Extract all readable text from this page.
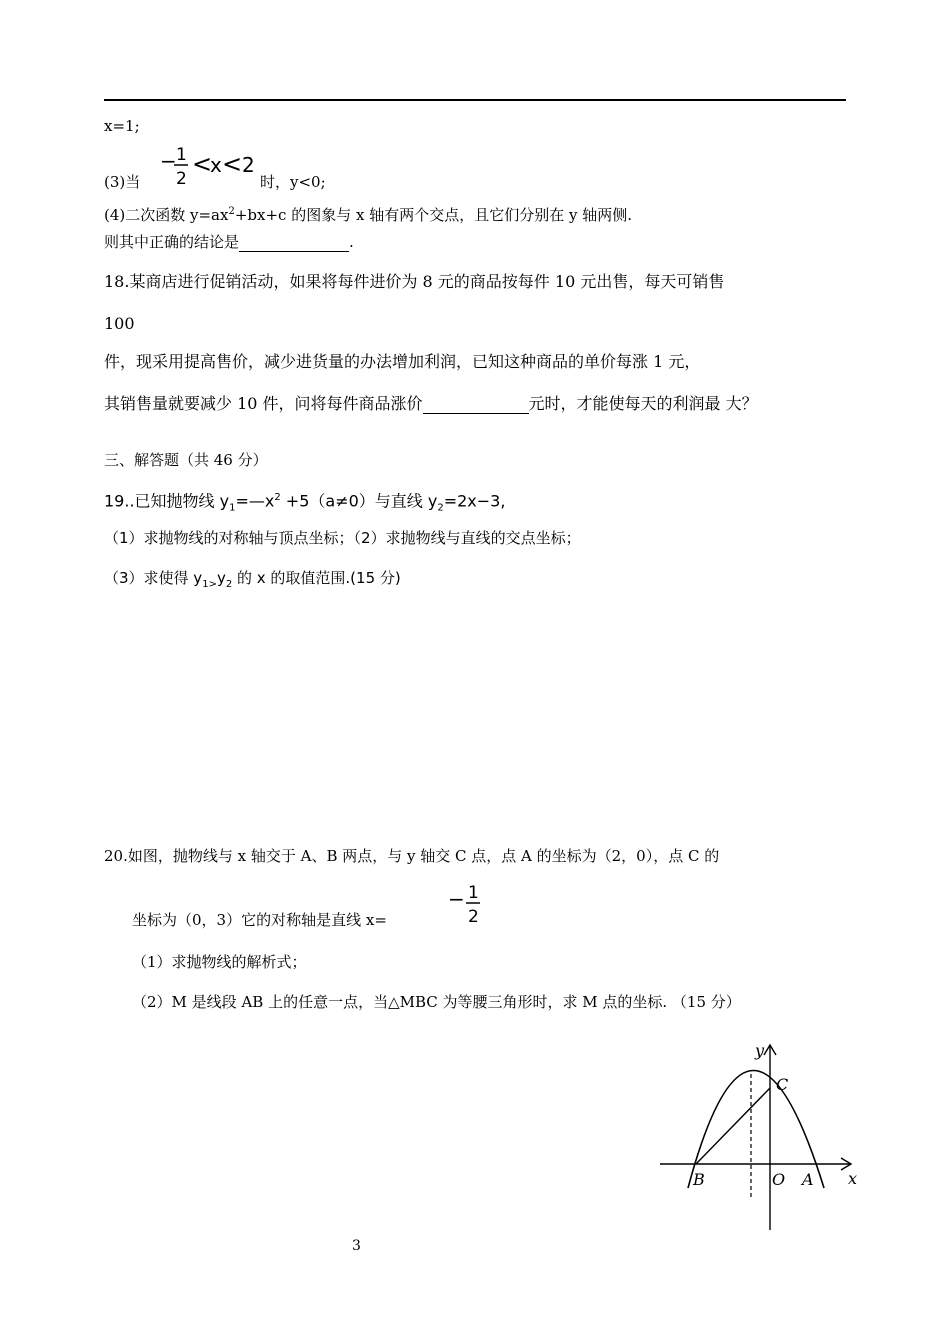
x=1;
(3)当
− 1
2
<
x < 2
时，y<0;
(4)二次函数 $y=ax^2+bx+c$ 的图象与 x 轴有两个交点，且它们分别在 y 轴两侧.
则其中正确的结论是	.
18.某商店进行促销活动，如果将每件进价为 8 元的商品按每件 10 元出售，每天可销售
100
件，现采用提高售价，减少进货量的办法增加利润，已知这种商品的单价每涨 1 元，
其销售量就要减少 10 件，问将每件商品涨价	元时，才能使每天的利润最 大？
三、解答题（共 46 分）
19..已知抛物线 $y_1=—x^2 +5(a\ne 0)$与直线 $y_2=2x-3$,
（1）求抛物线的对称轴与顶点坐标；（2）求抛物线与直线的交点坐标；
（3）求使得 $y_{1>}y_2$ 的 x 的取值范围.(15 分)
20.如图，抛物线与 x 轴交于 A、B 两点，与 y 轴交 C 点，点 A 的坐标为（2，0），点 C 的
坐标为（0，3）它的对称轴是直线 x=
− 1
2
（1）求抛物线的解析式；
（2）M 是线段 AB 上的任意一点，当△MBC 为等腰三角形时，求 M 点的坐标. （15 分）
y
x
C
B	O A
3
